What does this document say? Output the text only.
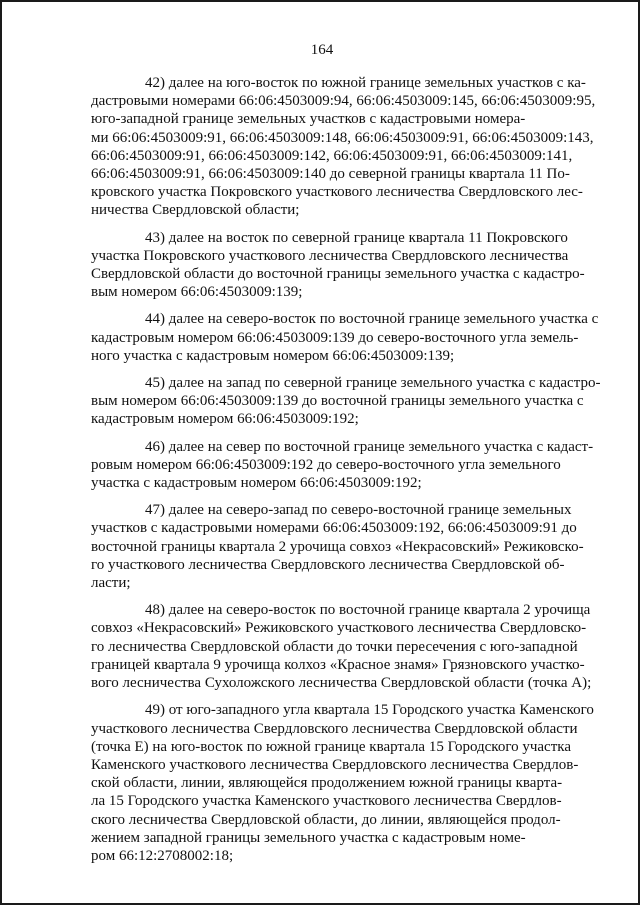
164

42) далее на юго-восток по южной границе земельных участков с ка-
дастровыми номерами 66:06:4503009:94, 66:06:4503009:145, 66:06:4503009:95,
юго-западной границе земельных участков с кадастровыми номера-
ми 66:06:4503009:91, 66:06:4503009:148, 66:06:4503009:91, 66:06:4503009:143,
66:06:4503009:91, 66:06:4503009:142, 66:06:4503009:91, 66:06:4503009:141,
66:06:4503009:91, 66:06:4503009:140 до северной границы квартала 11 По-
кровского участка Покровского участкового лесничества Свердловского лес-
ничества Свердловской области;

43) далее на восток по северной границе квартала 11 Покровского
участка Покровского участкового лесничества Свердловского лесничества
Свердловской области до восточной границы земельного участка с кадастро-
вым номером 66:06:4503009:139;

44) далее на северо-восток по восточной границе земельного участка с
кадастровым номером 66:06:4503009:139 до северо-восточного угла земель-
ного участка с кадастровым номером 66:06:4503009:139;

45) далее на запад по северной границе земельного участка с кадастро-
вым номером 66:06:4503009:139 до восточной границы земельного участка с
кадастровым номером 66:06:4503009:192;

46) далее на север по восточной границе земельного участка с кадаст-
ровым номером 66:06:4503009:192 до северо-восточного угла земельного
участка с кадастровым номером 66:06:4503009:192;

47) далее на северо-запад по северо-восточной границе земельных
участков с кадастровыми номерами 66:06:4503009:192, 66:06:4503009:91 до
восточной границы квартала 2 урочища совхоз «Некрасовский» Режиковско-
го участкового лесничества Свердловского лесничества Свердловской об-
ласти;

48) далее на северо-восток по восточной границе квартала 2 урочища
совхоз «Некрасовский» Режиковского участкового лесничества Свердловско-
го лесничества Свердловской области до точки пересечения с юго-западной
границей квартала 9 урочища колхоз «Красное знамя» Грязновского участко-
вого лесничества Сухоложского лесничества Свердловской области (точка А);

49) от юго-западного угла квартала 15 Городского участка Каменского
участкового лесничества Свердловского лесничества Свердловской области
(точка Е) на юго-восток по южной границе квартала 15 Городского участка
Каменского участкового лесничества Свердловского лесничества Свердлов-
ской области, линии, являющейся продолжением южной границы кварта-
ла 15 Городского участка Каменского участкового лесничества Свердлов-
ского лесничества Свердловской области, до линии, являющейся продол-
жением западной границы земельного участка с кадастровым номе-
ром 66:12:2708002:18;
